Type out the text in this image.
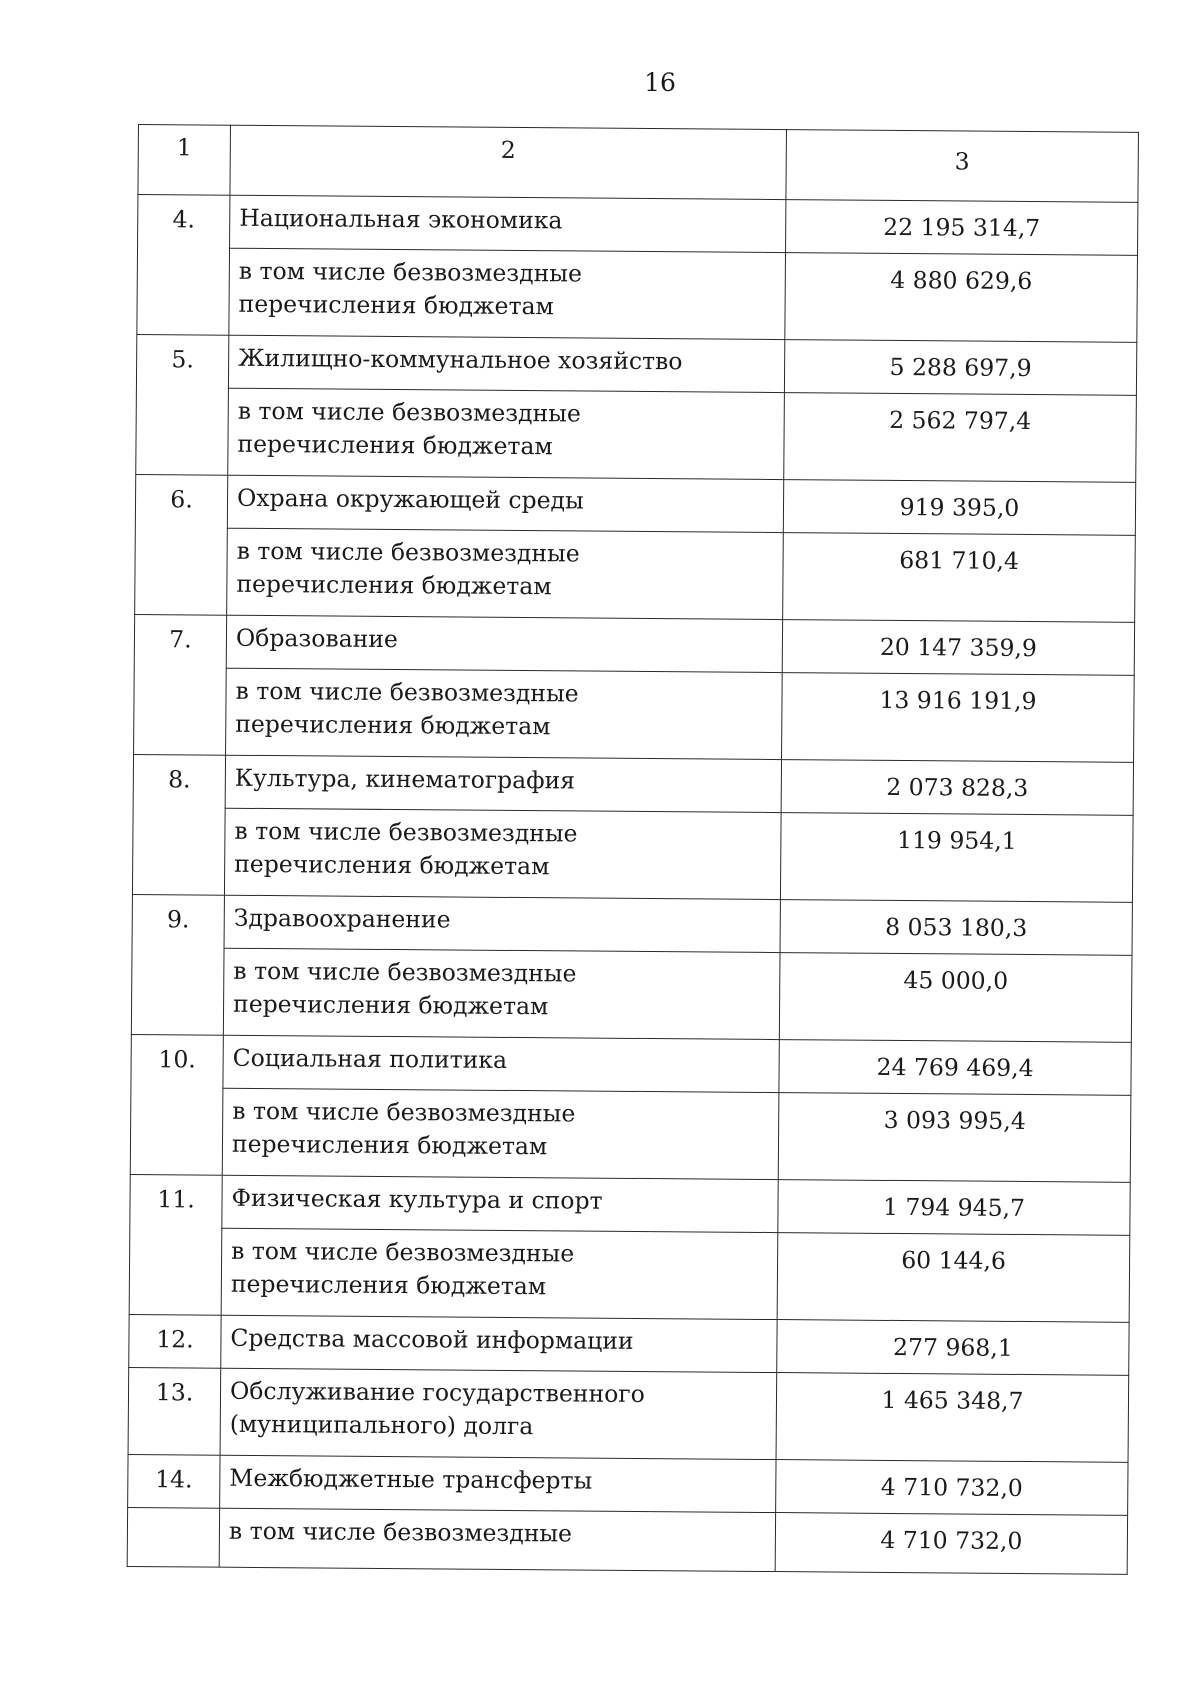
16
1	2	3
4.	Национальная экономика	22 195 314,7

	в том числе безвозмездные
перечисления бюджетам	4 880 629,6
5.	Жилищно-коммунальное хозяйство	5 288 697,9

	в том числе безвозмездные
перечисления бюджетам	2 562 797,4
6.	Охрана окружающей среды	919 395,0

	в том числе безвозмездные
перечисления бюджетам	681 710,4
7.	Образование	20 147 359,9

	в том числе безвозмездные
перечисления бюджетам	13 916 191,9
8.	Культура, кинематография	2 073 828,3

	в том числе безвозмездные
перечисления бюджетам	119 954,1
9.	Здравоохранение	8 053 180,3

	в том числе безвозмездные
перечисления бюджетам	45 000,0
10.	Социальная политика	24 769 469,4

	в том числе безвозмездные
перечисления бюджетам	3 093 995,4
11.	Физическая культура и спорт	1 794 945,7

	в том числе безвозмездные
перечисления бюджетам	60 144,6
12.	Средства массовой информации	277 968,1
13.	Обслуживание государственного
(муниципального) долга	1 465 348,7
14.	Межбюджетные трансферты	4 710 732,0
	в том числе безвозмездные	4 710 732,0
